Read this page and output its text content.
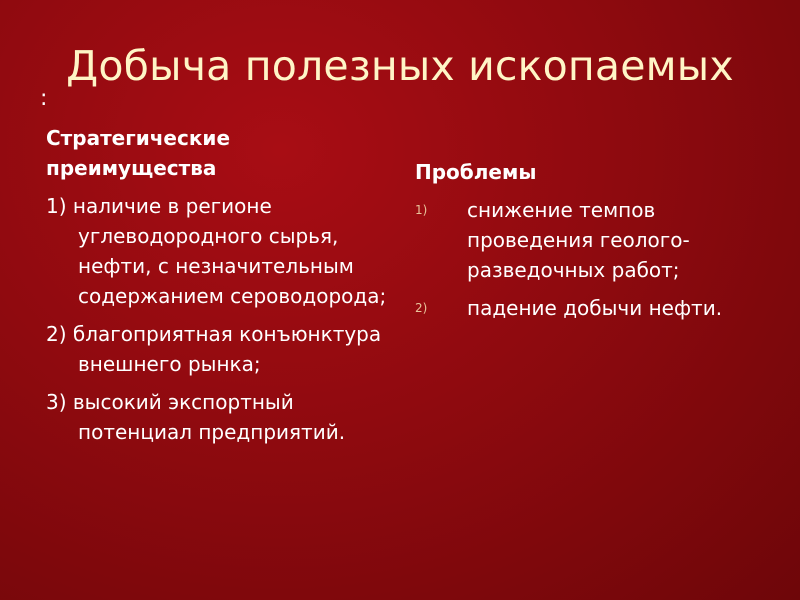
Добыча полезных ископаемых
:
Стратегические преимущества
1) наличие в регионе углеводородного сырья, нефти, с незначительным содержанием сероводорода;
2) благоприятная конъюнктура внешнего рынка;
3) высокий экспортный потенциал предприятий.
Проблемы
1) снижение темпов проведения геолого-разведочных работ;
2) падение добычи нефти.
